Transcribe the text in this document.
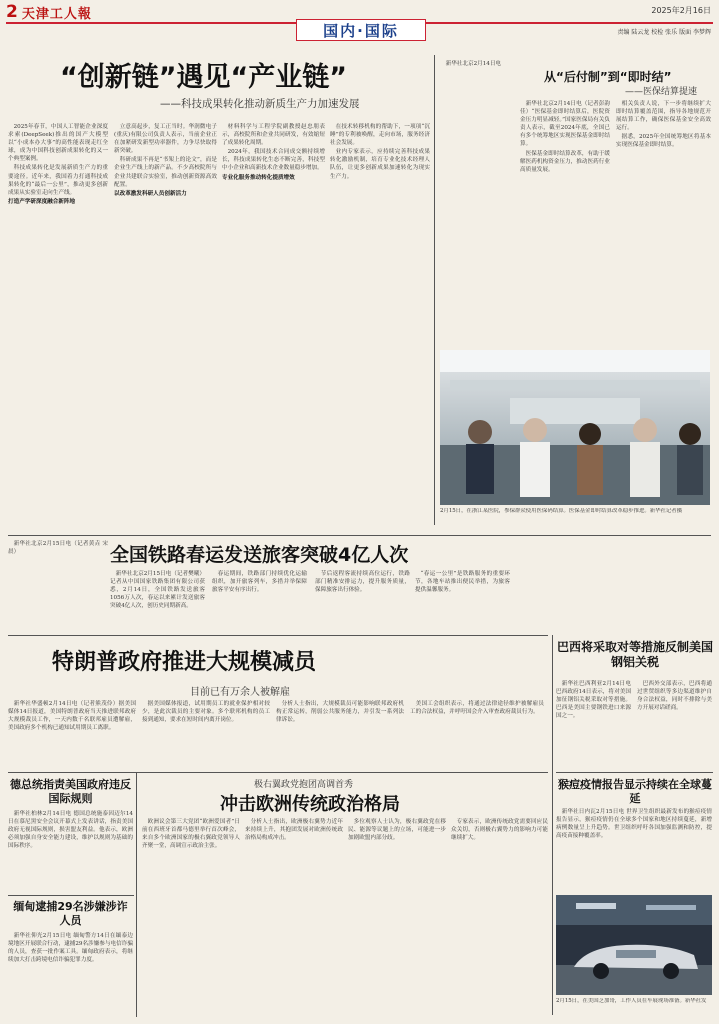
2 天津工人報	2025年2月16日
国内·国际	责编 陆云龙 校检 张乐 版面 李梦辉
“创新链”遇见“产业链”
——科技成果转化推动新质生产力加速发展

2025年春节，中国人工智能企业深度求索(DeepSeek)推出的国产大模型以“小成本办大事”的高性能表现走红全球，成为中国科技创新成果转化的又一个典型案例。

科技成果转化是发展新质生产力的重要途径。近年来，我国着力打通科技成果转化的“最后一公里”，推动更多创新成果从实验室走向生产线。

打造产学研深度融合新阵地

立意高起步，复工正当时。华润微电子(重庆)有限公司负责人表示，当前企业正在加紧研发新型功率器件，力争尽快取得新突破。

科研成果不再是“书架上的论文”，而是企业生产线上的新产品。不少高校院所与企业共建联合实验室，推动创新资源高效配置。

以改革激发科研人员创新活力

材料科学与工程学院副教授赵忠朋表示，高校院所和企业共同研发，有效缩短了成果转化周期。

2024年，我国技术合同成交额持续增长，科技成果转化生态不断完善，科技型中小企业和高新技术企业数量稳步增加。

专业化服务推动转化提质增效

在技术转移机构的帮助下，一项项“沉睡”的专利被唤醒，走向市场，服务经济社会发展。

业内专家表示，应持续完善科技成果转化激励机制，培育专业化技术经理人队伍，让更多创新成果加速转化为现实生产力。

新华社北京2月15日电（记者黄垚 宋晨）

从“后付制”到“即时结”
——医保结算提速

新华社北京2月14日电（记者彭韵佳）“医保基金即时结算后，医院资金压力明显减轻。”国家医保局有关负责人表示，截至2024年底，全国已有多个统筹地区实现医保基金即时结算。

医保基金即时结算改革，有助于缓解医药机构资金压力，推动医药行业高质量发展。

相关负责人说，下一步将继续扩大即时结算覆盖范围，指导各地规范开展结算工作，确保医保基金安全高效运行。

据悉，2025年全国统筹地区将基本实现医保基金即时结算。

新华社北京2月14日电

2月15日，在浙江某医院，参保群众使用医保码结算。医保基金即时结算改革稳步推进。新华社记者摄
全国铁路春运发送旅客突破4亿人次

新华社北京2月15日电（记者樊曦）记者从中国国家铁路集团有限公司获悉，2月14日，全国铁路发送旅客1056万人次，春运以来累计发送旅客突破4亿人次，创历史同期新高。

春运期间，铁路部门持续优化运输组织，加开旅客列车，多措并举保障旅客平安有序出行。

节后返程客流持续高位运行，铁路部门精准安排运力，提升服务质量，保障旅客出行体验。

“春运一公里”是铁路服务的重要环节，各地车站推出便民举措，为旅客提供温馨服务。

特朗普政府推进大规模减员
目前已有万余人被解雇

新华社华盛顿2月14日电（记者熊茂伶）据美国媒体14日报道，美国特朗普政府当天推进联邦政府大规模裁员工作，一天内数千名联邦雇员遭解雇，美国政府多个机构已通知试用期员工离职。

据美国媒体报道，试用期员工的就业保护相对较少，是此次裁员的主要对象。多个联邦机构的员工接到通知，要求在短时间内离开岗位。

分析人士指出，大规模裁员可能影响联邦政府机构正常运转，削弱公共服务能力，并引发一系列法律诉讼。

美国工会组织表示，将通过法律途径维护被解雇员工的合法权益，并呼吁国会介入审查政府裁员行为。

巴西将采取对等措施反制美国钢铝关税

新华社巴西利亚2月14日电 巴西政府14日表示，将对美国加征钢铝关税采取对等措施。巴西是美国主要钢铁进口来源国之一。

巴西外交部表示，巴西将通过世贸组织等多边渠道维护自身合法权益，同时不排除与美方开展对话磋商。

德总统指责美国政府违反国际规则

新华社柏林2月14日电 德国总统施泰因迈尔14日在慕尼黑安全会议开幕式上发表讲话，指责美国政府无视国际规则，损害盟友利益。他表示，欧洲必须加强自身安全能力建设，维护以规则为基础的国际秩序。

缅甸逮捕29名涉嫌涉诈人员

新华社仰光2月15日电 缅甸警方14日在缅泰边境地区开展联合行动，逮捕29名涉嫌参与电信诈骗的人员，查获一批作案工具。缅甸政府表示，将继续加大打击跨境电信诈骗犯罪力度。

极右翼政党抱团高调首秀
冲击欧洲传统政治格局

欧洲议会第三大党团“欧洲爱国者”日前在西班牙首都马德里举行首次峰会，来自多个欧洲国家的极右翼政党领导人齐聚一堂，高调宣示政治主张。

分析人士指出，欧洲极右翼势力近年来持续上升，其抱团发展对欧洲传统政治格局构成冲击。

多位观察人士认为，极右翼政党在移民、能源等议题上的立场，可能进一步加剧欧盟内部分歧。

专家表示，欧洲传统政党需要回应民众关切，否则极右翼势力的影响力可能继续扩大。

猴痘疫情报告显示持续在全球蔓延

新华社日内瓦2月15日电 世界卫生组织最新发布的猴痘疫情报告显示，猴痘疫情仍在全球多个国家和地区持续蔓延，新增病例数量呈上升趋势。世卫组织呼吁各国加强监测和防控，提高疫苗接种覆盖率。

2月15日，在美国芝加哥，工作人员在车展现场准备。新华社发
